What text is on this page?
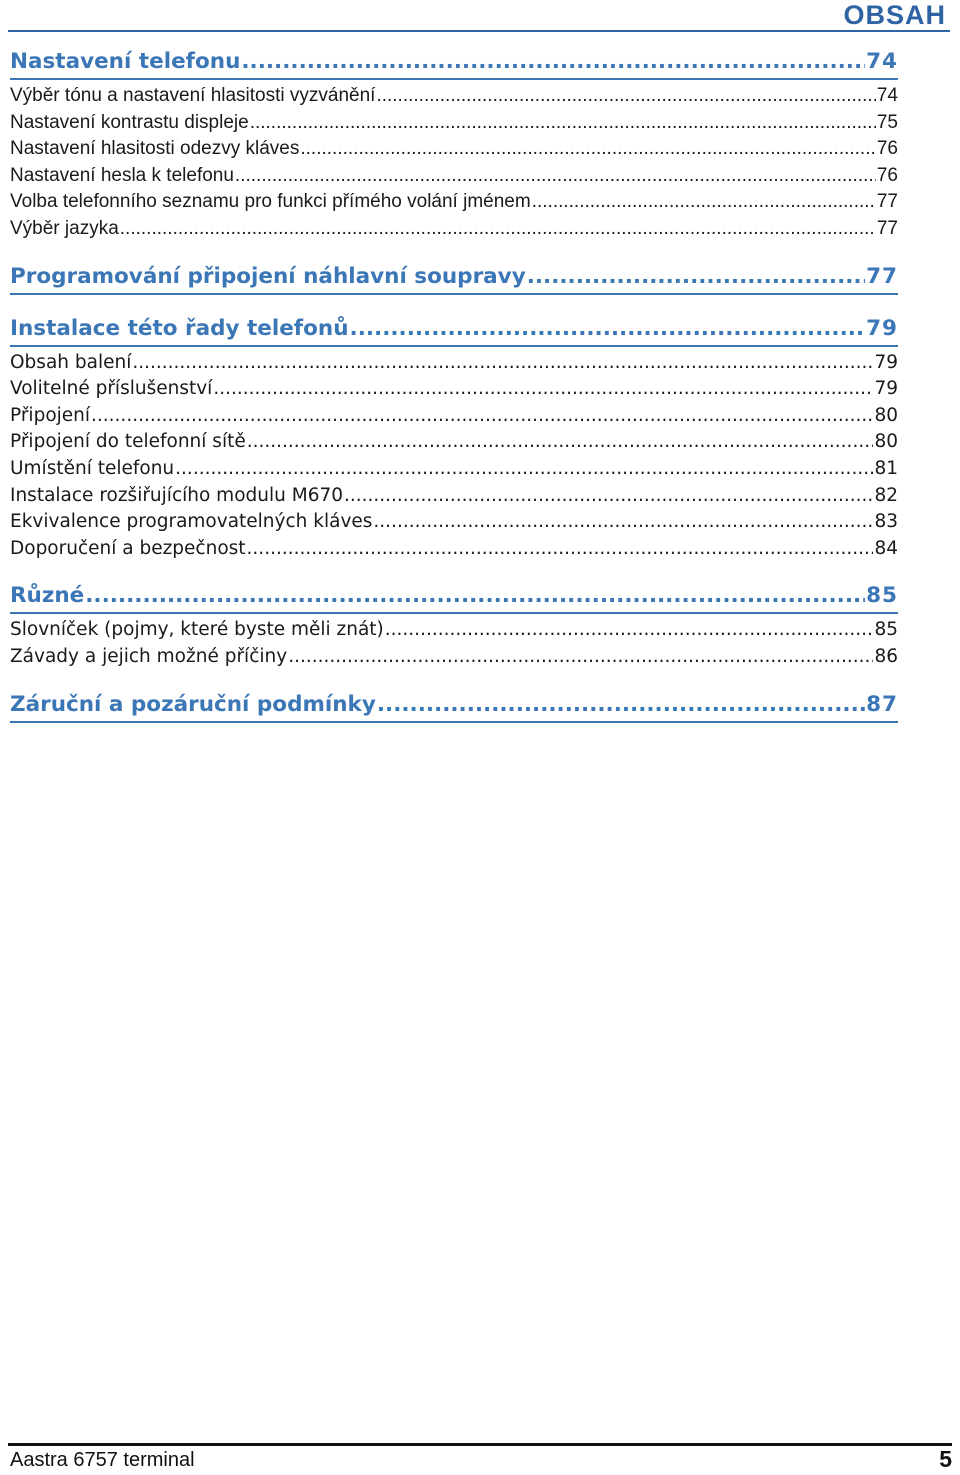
OBSAH
Nastavení telefonu .....	74
Výběr tónu a nastavení hlasitosti vyzvánění .....	74
Nastavení kontrastu displeje .....	75
Nastavení hlasitosti odezvy kláves .....	76
Nastavení hesla k telefonu .....	76
Volba telefonního seznamu pro funkci přímého volání jménem .....	77
Výběr jazyka .....	77
Programování připojení náhlavní soupravy .....	77
Instalace této řady telefonů .....	79
Obsah balení .....	79
Volitelné příslušenství .....	79
Připojení .....	80
Připojení do telefonní sítě .....	80
Umístění telefonu .....	81
Instalace rozšiřujícího modulu M670 .....	82
Ekvivalence programovatelných kláves .....	83
Doporučení a bezpečnost .....	84
Různé .....	85
Slovníček (pojmy, které byste měli znát) .....	85
Závady a jejich možné příčiny .....	86
Záruční a pozáruční podmínky .....	87
Aastra 6757 terminal	5
